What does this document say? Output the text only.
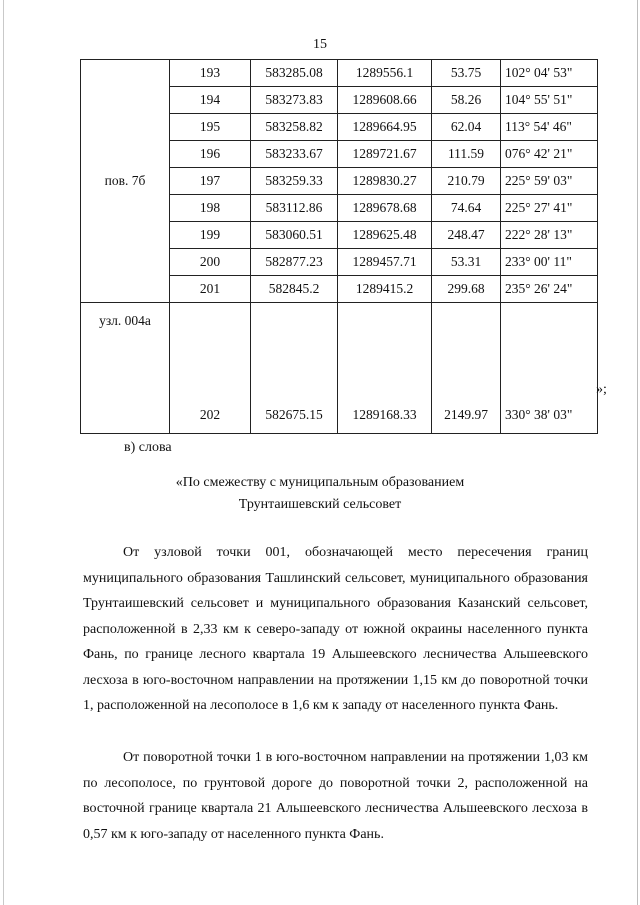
15
пов. 7б	193	583285.08	1289556.1	53.75	102° 04' 53"
	194	583273.83	1289608.66	58.26	104° 55' 51"
	195	583258.82	1289664.95	62.04	113° 54' 46"
	196	583233.67	1289721.67	111.59	076° 42' 21"
	197	583259.33	1289830.27	210.79	225° 59' 03"
	198	583112.86	1289678.68	74.64	225° 27' 41"
	199	583060.51	1289625.48	248.47	222° 28' 13"
	200	582877.23	1289457.71	53.31	233° 00' 11"
	201	582845.2	1289415.2	299.68	235° 26' 24"
узл. 004а	202	582675.15	1289168.33	2149.97	330° 38' 03"
»;
в) слова
«По смежеству с муниципальным образованием
Трунтаишевский сельсовет

От узловой точки 001, обозначающей место пересечения границ муниципального образования Ташлинский сельсовет, муниципального образования Трунтаишевский сельсовет и муниципального образования Казанский сельсовет, расположенной в 2,33 км к северо-западу от южной окраины населенного пункта Фань, по границе лесного квартала 19 Альшеевского лесничества Альшеевского лесхоза в юго-восточном направлении на протяжении 1,15 км до поворотной точки 1, расположенной на лесополосе в 1,6 км к западу от населенного пункта Фань.

От поворотной точки 1 в юго-восточном направлении на протяжении 1,03 км по лесополосе, по грунтовой дороге до поворотной точки 2, расположенной на восточной границе квартала 21 Альшеевского лесничества Альшеевского лесхоза в 0,57 км к юго-западу от населенного пункта Фань.
